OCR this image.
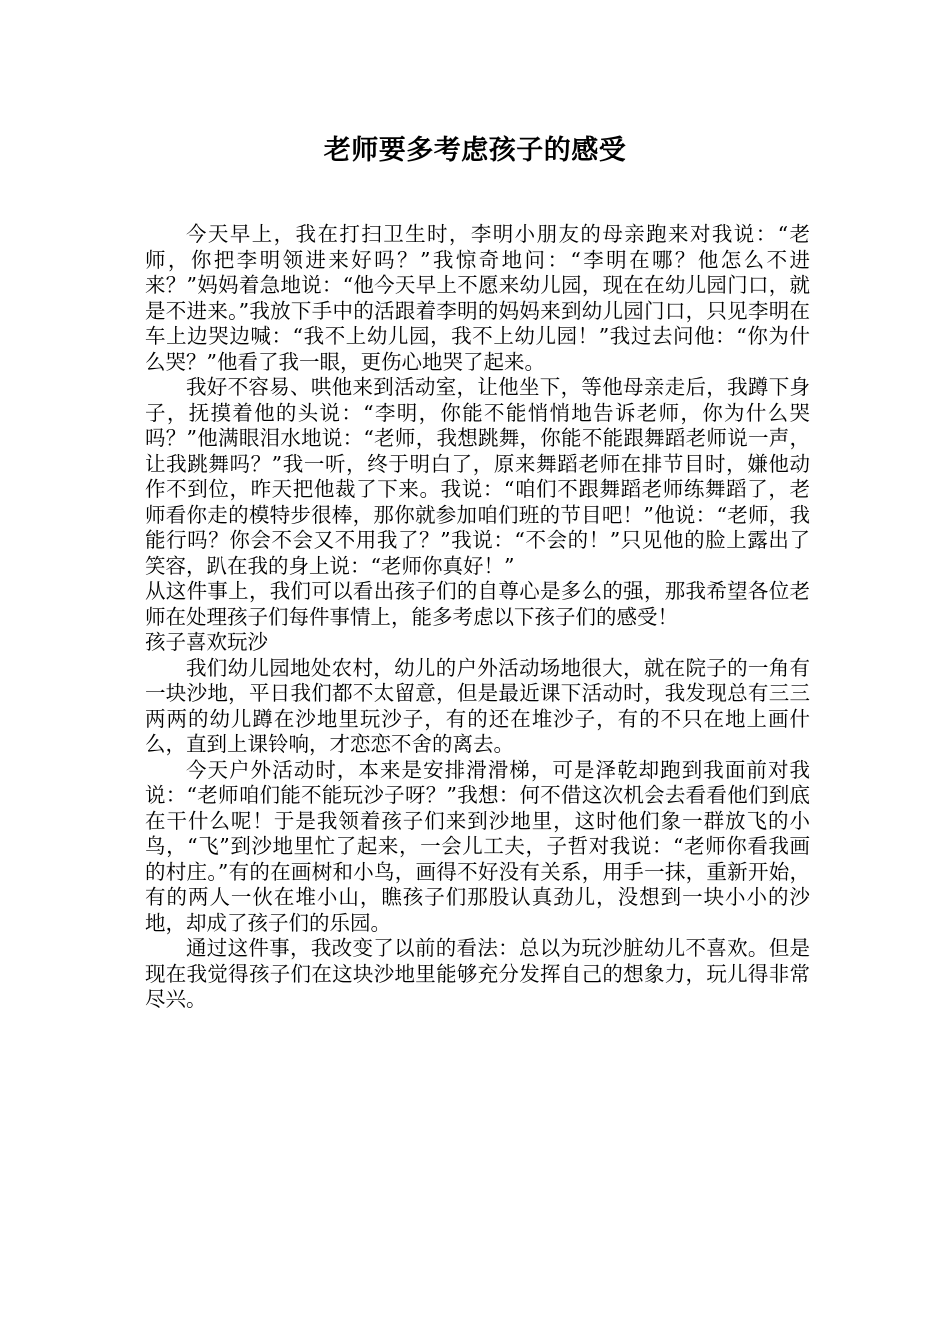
老师要多考虑孩子的感受

今天早上，我在打扫卫生时，李明小朋友的母亲跑来对我说：“老师，你把李明领进来好吗？”我惊奇地问：“李明在哪？他怎么不进来？”妈妈着急地说：“他今天早上不愿来幼儿园，现在在幼儿园门口，就是不进来。”我放下手中的活跟着李明的妈妈来到幼儿园门口，只见李明在车上边哭边喊：“我不上幼儿园，我不上幼儿园！”我过去问他：“你为什么哭？”他看了我一眼，更伤心地哭了起来。

我好不容易、哄他来到活动室，让他坐下，等他母亲走后，我蹲下身子，抚摸着他的头说：“李明，你能不能悄悄地告诉老师，你为什么哭吗？”他满眼泪水地说：“老师，我想跳舞，你能不能跟舞蹈老师说一声，让我跳舞吗？”我一听，终于明白了，原来舞蹈老师在排节目时，嫌他动作不到位，昨天把他裁了下来。我说：“咱们不跟舞蹈老师练舞蹈了，老师看你走的模特步很棒，那你就参加咱们班的节目吧！”他说：“老师，我能行吗？你会不会又不用我了？”我说：“不会的！”只见他的脸上露出了笑容，趴在我的身上说：“老师你真好！”

从这件事上，我们可以看出孩子们的自尊心是多么的强，那我希望各位老师在处理孩子们每件事情上，能多考虑以下孩子们的感受！

孩子喜欢玩沙

我们幼儿园地处农村，幼儿的户外活动场地很大，就在院子的一角有一块沙地，平日我们都不太留意，但是最近课下活动时，我发现总有三三两两的幼儿蹲在沙地里玩沙子，有的还在堆沙子，有的不只在地上画什么，直到上课铃响，才恋恋不舍的离去。

今天户外活动时，本来是安排滑滑梯，可是泽乾却跑到我面前对我说：“老师咱们能不能玩沙子呀？”我想：何不借这次机会去看看他们到底在干什么呢！于是我领着孩子们来到沙地里，这时他们象一群放飞的小鸟，“飞”到沙地里忙了起来，一会儿工夫，子哲对我说：“老师你看我画的村庄。”有的在画树和小鸟，画得不好没有关系，用手一抹，重新开始，有的两人一伙在堆小山，瞧孩子们那股认真劲儿，没想到一块小小的沙地，却成了孩子们的乐园。

通过这件事，我改变了以前的看法：总以为玩沙脏幼儿不喜欢。但是现在我觉得孩子们在这块沙地里能够充分发挥自己的想象力，玩儿得非常尽兴。
